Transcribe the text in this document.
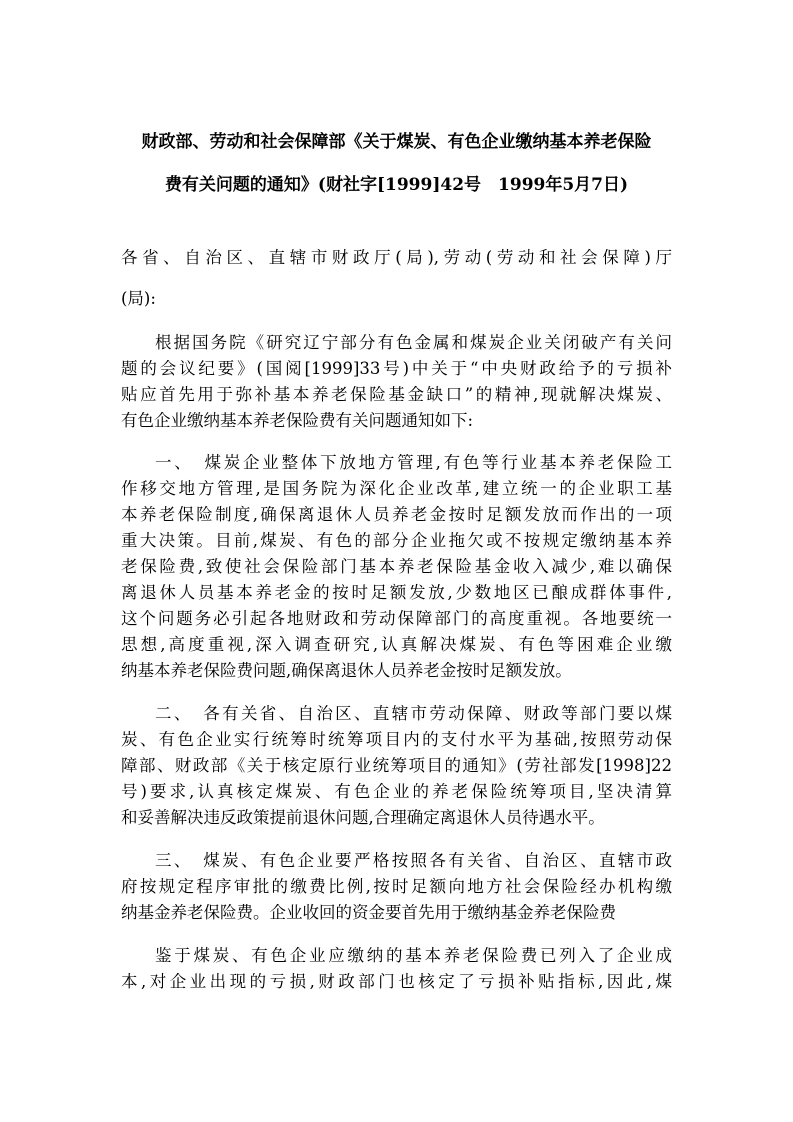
财政部、劳动和社会保障部《关于煤炭、有色企业缴纳基本养老保险
费有关问题的通知》(财社字[1999]42号　1999年5月7日)
各省、自治区、直辖市财政厅(局),劳动(劳动和社会保障)厅
(局):
根据国务院《研究辽宁部分有色金属和煤炭企业关闭破产有关问
题的会议纪要》(国阅[1999]33号)中关于“中央财政给予的亏损补
贴应首先用于弥补基本养老保险基金缺口”的精神,现就解决煤炭、
有色企业缴纳基本养老保险费有关问题通知如下:
一、　煤炭企业整体下放地方管理,有色等行业基本养老保险工
作移交地方管理,是国务院为深化企业改革,建立统一的企业职工基
本养老保险制度,确保离退休人员养老金按时足额发放而作出的一项
重大决策。目前,煤炭、有色的部分企业拖欠或不按规定缴纳基本养
老保险费,致使社会保险部门基本养老保险基金收入减少,难以确保
离退休人员基本养老金的按时足额发放,少数地区已酿成群体事件,
这个问题务必引起各地财政和劳动保障部门的高度重视。各地要统一
思想,高度重视,深入调查研究,认真解决煤炭、有色等困难企业缴
纳基本养老保险费问题,确保离退休人员养老金按时足额发放。
二、　各有关省、自治区、直辖市劳动保障、财政等部门要以煤
炭、有色企业实行统筹时统筹项目内的支付水平为基础,按照劳动保
障部、财政部《关于核定原行业统筹项目的通知》(劳社部发[1998]22
号)要求,认真核定煤炭、有色企业的养老保险统筹项目,坚决清算
和妥善解决违反政策提前退休问题,合理确定离退休人员待遇水平。
三、　煤炭、有色企业要严格按照各有关省、自治区、直辖市政
府按规定程序审批的缴费比例,按时足额向地方社会保险经办机构缴
纳基金养老保险费。企业收回的资金要首先用于缴纳基金养老保险费
鉴于煤炭、有色企业应缴纳的基本养老保险费已列入了企业成
本,对企业出现的亏损,财政部门也核定了亏损补贴指标,因此,煤
